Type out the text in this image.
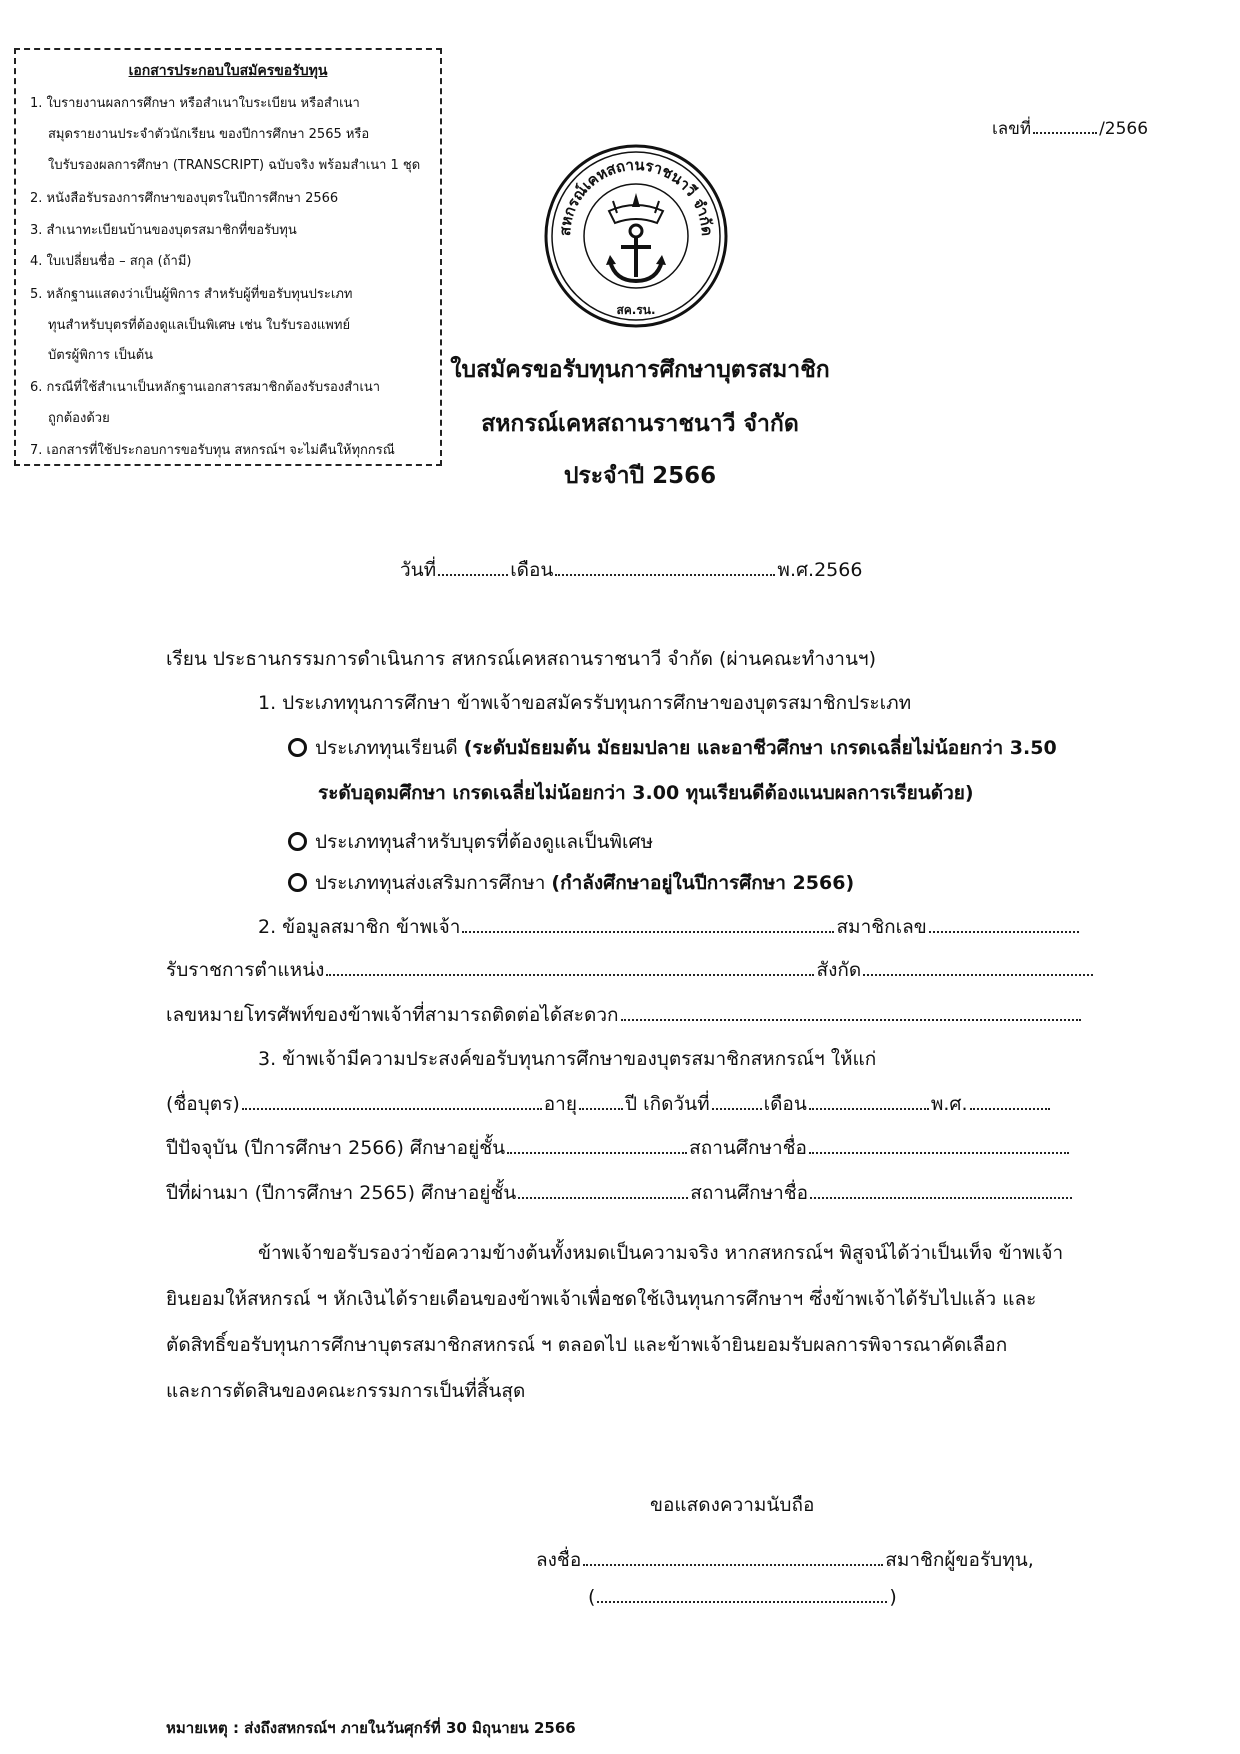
เอกสารประกอบใบสมัครขอรับทุน
1. ใบรายงานผลการศึกษา หรือสำเนาใบระเบียน หรือสำเนา
สมุดรายงานประจำตัวนักเรียน ของปีการศึกษา 2565 หรือ
ใบรับรองผลการศึกษา (TRANSCRIPT) ฉบับจริง พร้อมสำเนา 1 ชุด
2. หนังสือรับรองการศึกษาของบุตรในปีการศึกษา 2566
3. สำเนาทะเบียนบ้านของบุตรสมาชิกที่ขอรับทุน
4. ใบเปลี่ยนชื่อ – สกุล (ถ้ามี)
5. หลักฐานแสดงว่าเป็นผู้พิการ สำหรับผู้ที่ขอรับทุนประเภท
ทุนสำหรับบุตรที่ต้องดูแลเป็นพิเศษ เช่น ใบรับรองแพทย์
บัตรผู้พิการ เป็นต้น
6. กรณีที่ใช้สำเนาเป็นหลักฐานเอกสารสมาชิกต้องรับรองสำเนา
ถูกต้องด้วย
7. เอกสารที่ใช้ประกอบการขอรับทุน สหกรณ์ฯ จะไม่คืนให้ทุกกรณี
เลขที่	/2566
สหกรณ์เคหสถานราชนาวี จำกัด
สค.รน.
ใบสมัครขอรับทุนการศึกษาบุตรสมาชิก
สหกรณ์เคหสถานราชนาวี จำกัด
ประจำปี 2566
วันที่	เดือน	พ.ศ.2566
เรียน ประธานกรรมการดำเนินการ สหกรณ์เคหสถานราชนาวี จำกัด (ผ่านคณะทำงานฯ)
1. ประเภททุนการศึกษา ข้าพเจ้าขอสมัครรับทุนการศึกษาของบุตรสมาชิกประเภท
ประเภททุนเรียนดี (ระดับมัธยมต้น มัธยมปลาย และอาชีวศึกษา เกรดเฉลี่ยไม่น้อยกว่า 3.50
ระดับอุดมศึกษา เกรดเฉลี่ยไม่น้อยกว่า 3.00 ทุนเรียนดีต้องแนบผลการเรียนด้วย)
ประเภททุนสำหรับบุตรที่ต้องดูแลเป็นพิเศษ
ประเภททุนส่งเสริมการศึกษา (กำลังศึกษาอยู่ในปีการศึกษา 2566)
2. ข้อมูลสมาชิก ข้าพเจ้า	สมาชิกเลข
รับราชการตำแหน่ง	สังกัด
เลขหมายโทรศัพท์ของข้าพเจ้าที่สามารถติดต่อได้สะดวก
3. ข้าพเจ้ามีความประสงค์ขอรับทุนการศึกษาของบุตรสมาชิกสหกรณ์ฯ ให้แก่
(ชื่อบุตร)	อายุ	ปี เกิดวันที่	เดือน	พ.ศ.
ปีปัจจุบัน (ปีการศึกษา 2566) ศึกษาอยู่ชั้น	สถานศึกษาชื่อ
ปีที่ผ่านมา (ปีการศึกษา 2565) ศึกษาอยู่ชั้น	สถานศึกษาชื่อ
ข้าพเจ้าขอรับรองว่าข้อความข้างต้นทั้งหมดเป็นความจริง หากสหกรณ์ฯ พิสูจน์ได้ว่าเป็นเท็จ ข้าพเจ้า
ยินยอมให้สหกรณ์ ฯ หักเงินได้รายเดือนของข้าพเจ้าเพื่อชดใช้เงินทุนการศึกษาฯ ซึ่งข้าพเจ้าได้รับไปแล้ว และ
ตัดสิทธิ์ขอรับทุนการศึกษาบุตรสมาชิกสหกรณ์ ฯ ตลอดไป และข้าพเจ้ายินยอมรับผลการพิจารณาคัดเลือก
และการตัดสินของคณะกรรมการเป็นที่สิ้นสุด
ขอแสดงความนับถือ
ลงชื่อ	สมาชิกผู้ขอรับทุน,
(	)
หมายเหตุ : ส่งถึงสหกรณ์ฯ ภายในวันศุกร์ที่ 30 มิถุนายน 2566
